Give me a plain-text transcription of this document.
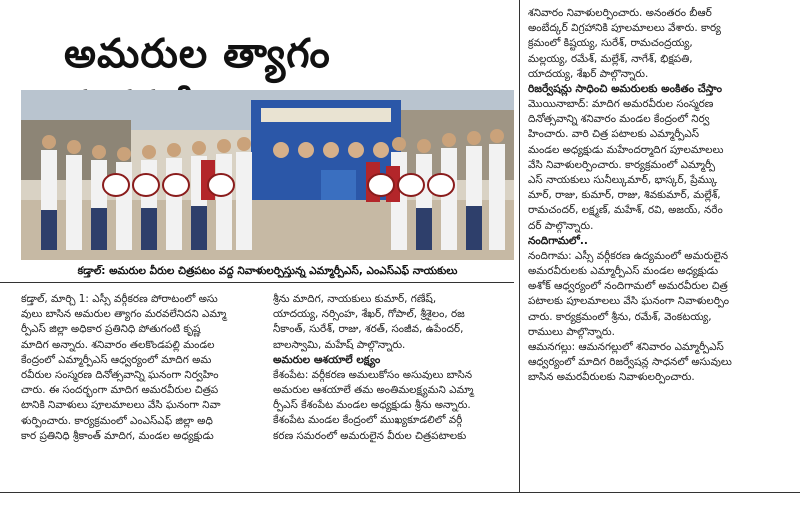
అమరుల త్యాగం
కడ్తాల్: అమరుల వీరుల చిత్రపటం వద్ద నివాళులర్పిస్తున్న ఎమ్మార్పీఎస్, ఎంఎస్ఎఫ్ నాయకులు

కడ్తాల్, మార్చి 1: ఎస్సీ వర్గీకరణ పోరాటంలో అసు

వులు బాసిన అమరుల త్యాగం మరవలేనిదని ఎమ్మా

ర్పీఎస్ జిల్లా అధికార ప్రతినిధి పోతుగంటి కృష్ణ

మాదిగ అన్నారు. శనివారం తలకొండపల్లి మండల

కేంద్రంలో ఎమ్మార్పీఎస్ ఆధ్వర్యంలో మాదిగ అమ

రవీరుల సంస్మరణ దినోత్సవాన్ని ఘనంగా నిర్వహిం

చారు. ఈ సందర్భంగా మాదిగ అమరవీరుల చిత్రప

టానికి నివాళులు పూలమాలలు వేసి ఘనంగా నివా

ళుర్పించారు. కార్యక్రమంలో ఎంఎస్ఎఫ్ జిల్లా అధి

కార ప్రతినిధి శ్రీకాంత్ మాదిగ, మండల అధ్యక్షుడు

శ్రీను మాదిగ, నాయకులు కుమార్, గణేష్,

యాదయ్య, నర్సింహ, శేఖర్, గోపాల్, శ్రీశైలం, రజ

నీకాంత్, సురేశ్, రాజు, శరత్, సంజీవ, ఉపేందర్,

బాలస్వామి, మహేష్ పాల్గొన్నారు.

అమరుల ఆశయాలే లక్ష్యం

కేశంపేట: వర్గీకరణ అమలుకోసం అసువులు బాసిన

అమరుల ఆశయాలే తమ అంతిమలక్ష్యమని ఎమ్మా

ర్పీఎస్ కేశంపేట మండల అధ్యక్షుడు శ్రీను అన్నారు.

కేశంపేట మండల కేంద్రంలో ముఖ్యకూడలిలో వర్గీ

కరణ సమరంలో అమరులైన వీరుల చిత్రపటాలకు

శనివారం నివాళులర్పించారు. అనంతరం బీఆర్

అంబేద్కర్ విగ్రహానికి పూలమాలలు వేశారు. కార్య

క్రమంలో కిష్టయ్య, సురేశ్, రామచంద్రయ్య,

మల్లయ్య, రమేశ్, మల్లేశ్, నాగేశ్, భిక్షపతి,

యాదయ్య, శేఖర్ పాల్గొన్నారు.

రిజర్వేషన్లు సాధించి అమరులకు అంకితం చేస్తాం

మొయినాబాద్: మాదిగ అమరవీరుల సంస్మరణ

దినోత్సవాన్ని శనివారం మండల కేంద్రంలో నిర్వ

హించారు. వారి చిత్ర పటాలకు ఎమ్మార్పీఎస్

మండల అధ్యక్షుడు మహేందర్మాదిగ పూలమాలలు

వేసి నివాళులర్పించారు. కార్యక్రమంలో ఎమ్మార్పీ

ఎస్ నాయకులు సునీల్కుమార్, భాస్కర్, ప్రేమ్కు

మార్, రాజు, కుమార్, రాజు, శివకుమార్, మల్లేశ్,

రామచందర్, లక్ష్మణ్, మహేశ్, రవి, అజయ్, నరేం

దర్ పాల్గొన్నారు.

నందిగామలో..

నందిగామ: ఎస్సీ వర్గీకరణ ఉద్యమంలో అమరులైన

అమరవీరులకు ఎమ్మార్పీఎస్ మండల అధ్యక్షుడు

అశోక్ ఆధ్వర్యంలో నందిగామలో అమరవీరుల చిత్ర

పటాలకు పూలమాలలు వేసి ఘనంగా నివాళులర్పిం

చారు. కార్యక్రమంలో శ్రీను, రమేశ్, వెంకటయ్య,

రాములు పాల్గొన్నారు.

ఆమనగల్లు: ఆమనగల్లులో శనివారం ఎమ్మార్పీఎస్

ఆధ్వర్యంలో మాదిగ రిజర్వేషన్ల సాధనలో అసువులు

బాసిన అమరవీరులకు నివాళులర్పించారు.
